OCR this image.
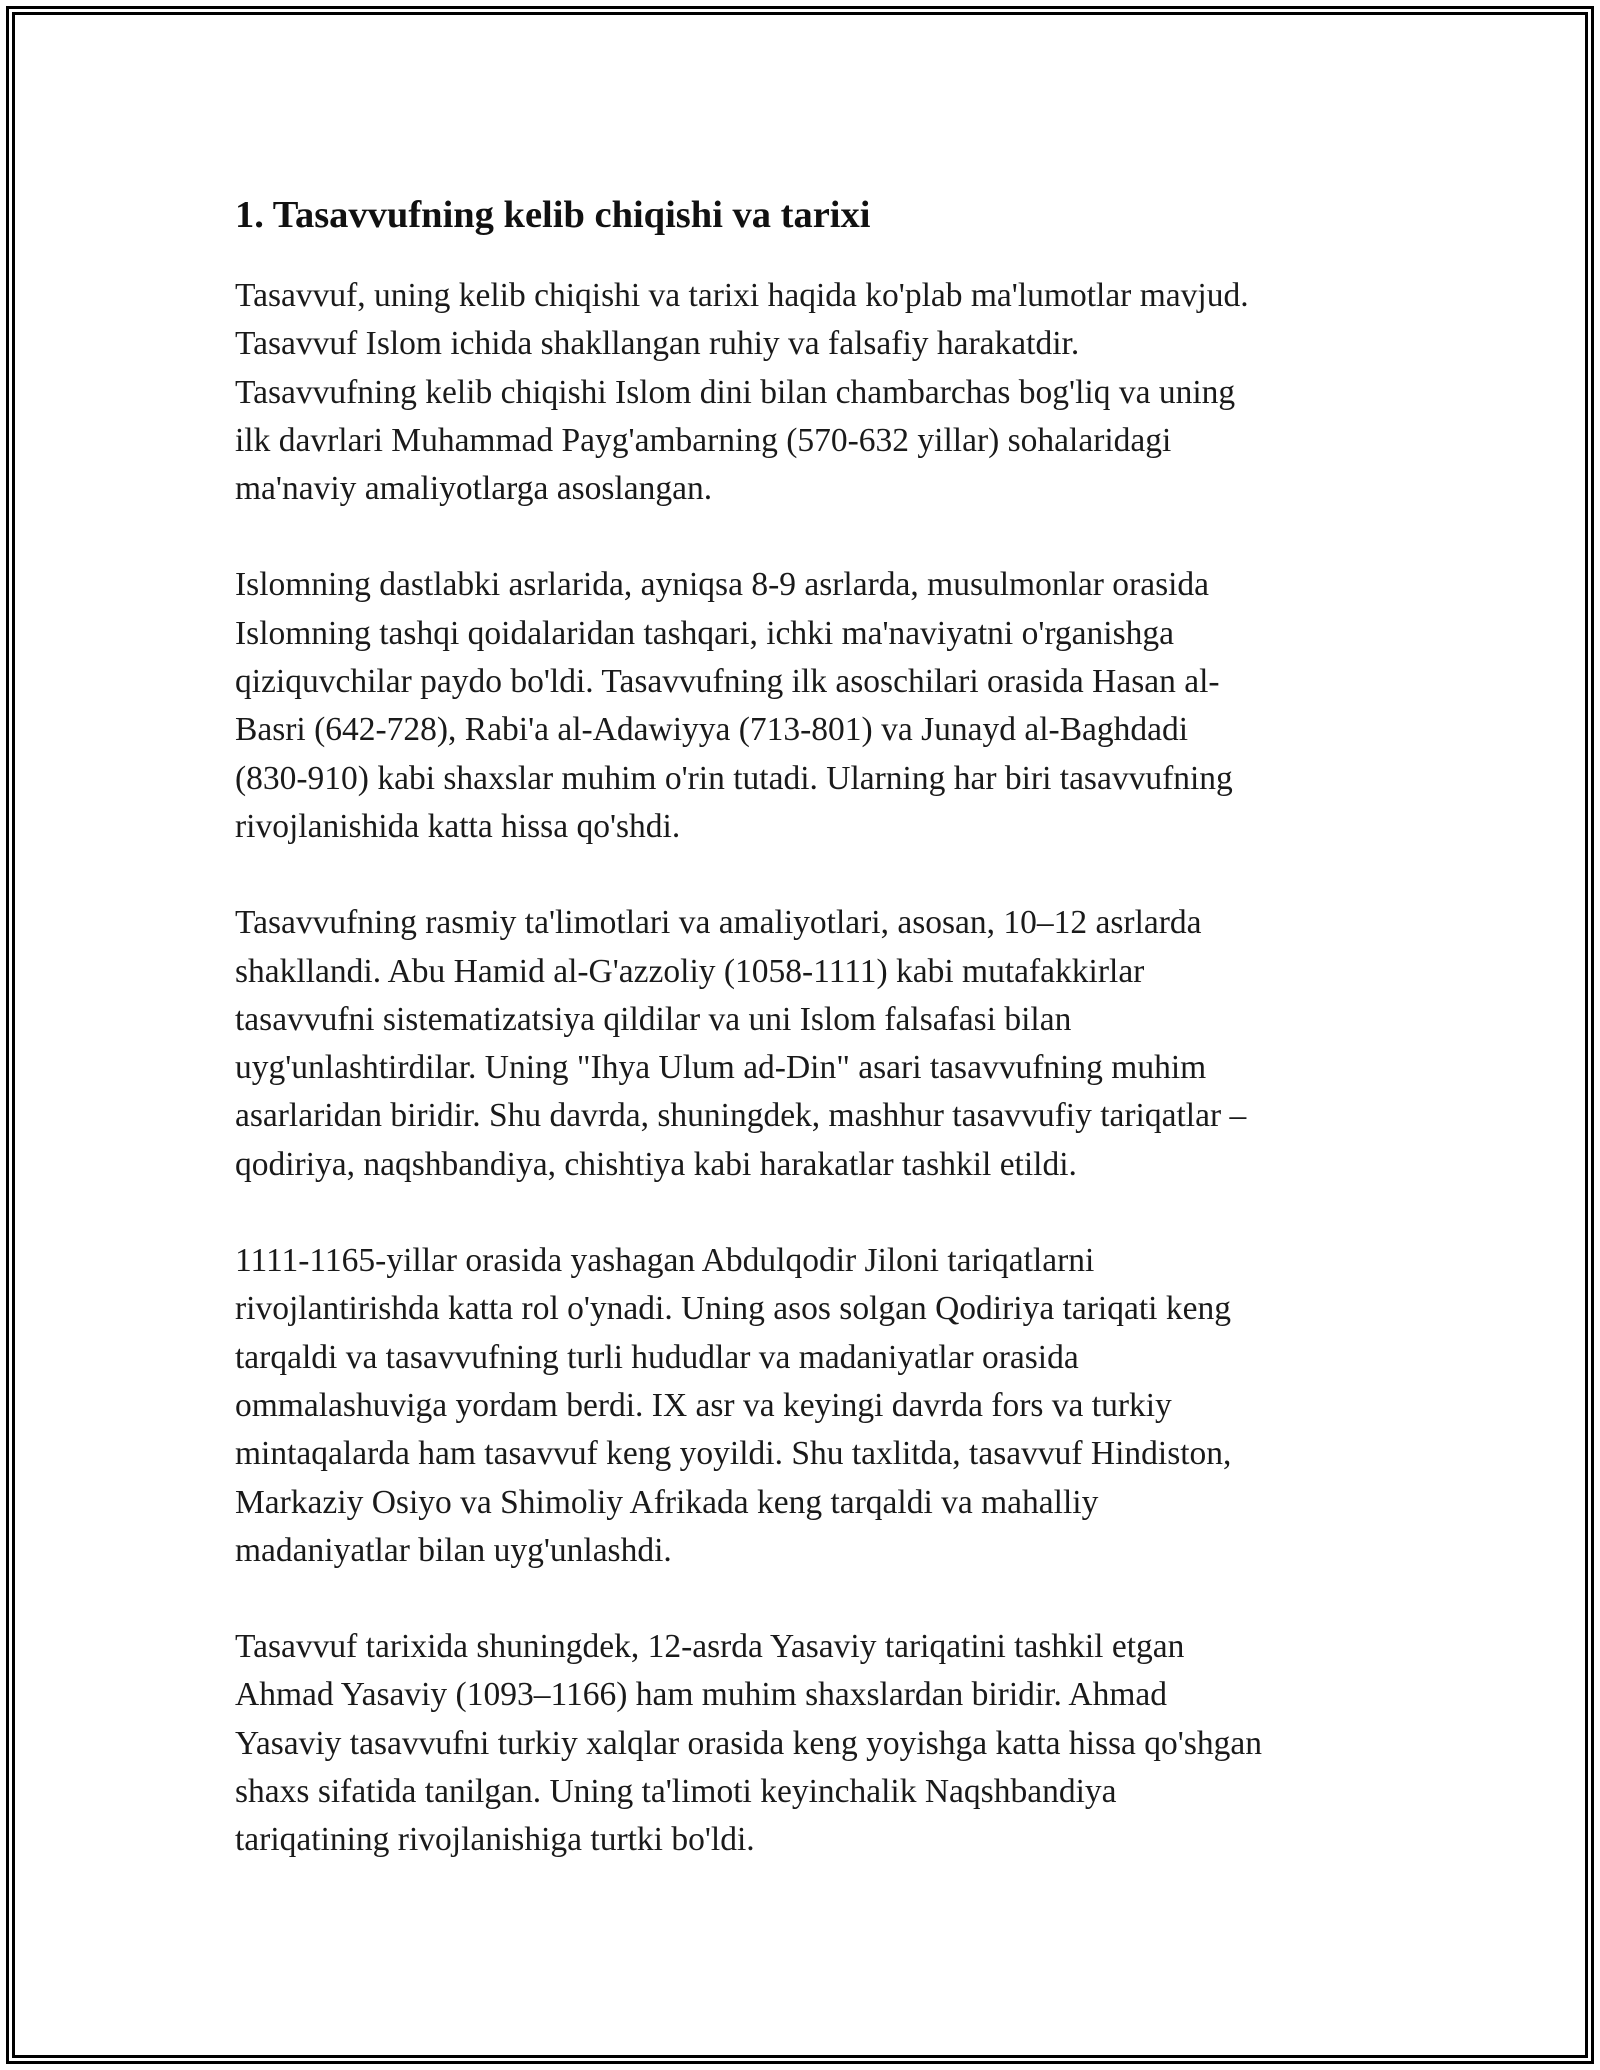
1. Tasavvufning kelib chiqishi va tarixi

Tasavvuf, uning kelib chiqishi va tarixi haqida ko'plab ma'lumotlar mavjud.
Tasavvuf Islom ichida shakllangan ruhiy va falsafiy harakatdir.
Tasavvufning kelib chiqishi Islom dini bilan chambarchas bog'liq va uning
ilk davrlari Muhammad Payg'ambarning (570-632 yillar) sohalaridagi
ma'naviy amaliyotlarga asoslangan.

Islomning dastlabki asrlarida, ayniqsa 8-9 asrlarda, musulmonlar orasida
Islomning tashqi qoidalaridan tashqari, ichki ma'naviyatni o'rganishga
qiziquvchilar paydo bo'ldi. Tasavvufning ilk asoschilari orasida Hasan al-
Basri (642-728), Rabi'a al-Adawiyya (713-801) va Junayd al-Baghdadi
(830-910) kabi shaxslar muhim o'rin tutadi. Ularning har biri tasavvufning
rivojlanishida katta hissa qo'shdi.

Tasavvufning rasmiy ta'limotlari va amaliyotlari, asosan, 10–12 asrlarda
shakllandi. Abu Hamid al-G'azzoliy (1058-1111) kabi mutafakkirlar
tasavvufni sistematizatsiya qildilar va uni Islom falsafasi bilan
uyg'unlashtirdilar. Uning "Ihya Ulum ad-Din" asari tasavvufning muhim
asarlaridan biridir. Shu davrda, shuningdek, mashhur tasavvufiy tariqatlar –
qodiriya, naqshbandiya, chishtiya kabi harakatlar tashkil etildi.

1111-1165-yillar orasida yashagan Abdulqodir Jiloni tariqatlarni
rivojlantirishda katta rol o'ynadi. Uning asos solgan Qodiriya tariqati keng
tarqaldi va tasavvufning turli hududlar va madaniyatlar orasida
ommalashuviga yordam berdi. IX asr va keyingi davrda fors va turkiy
mintaqalarda ham tasavvuf keng yoyildi. Shu taxlitda, tasavvuf Hindiston,
Markaziy Osiyo va Shimoliy Afrikada keng tarqaldi va mahalliy
madaniyatlar bilan uyg'unlashdi.

Tasavvuf tarixida shuningdek, 12-asrda Yasaviy tariqatini tashkil etgan
Ahmad Yasaviy (1093–1166) ham muhim shaxslardan biridir. Ahmad
Yasaviy tasavvufni turkiy xalqlar orasida keng yoyishga katta hissa qo'shgan
shaxs sifatida tanilgan. Uning ta'limoti keyinchalik Naqshbandiya
tariqatining rivojlanishiga turtki bo'ldi.
